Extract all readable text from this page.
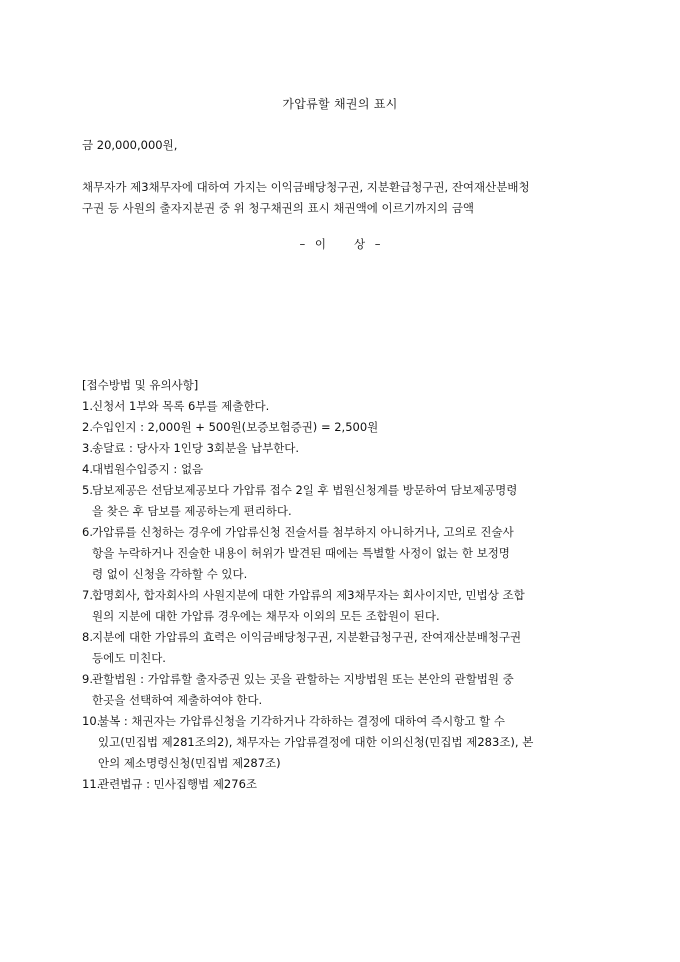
가압류할 채권의 표시
금 20,000,000원,
채무자가 제3채무자에 대하여 가지는 이익금배당청구권, 지분환급청구권, 잔여재산분배청
구권 등 사원의 출자지분권 중 위 청구채권의 표시 채권액에 이르기까지의 금액
– 이 상 –
[접수방법 및 유의사항]
1. 신청서 1부와 목록 6부를 제출한다.
2. 수입인지 : 2,000원 + 500원(보증보험증권) = 2,500원
3. 송달료 : 당사자 1인당 3회분을 납부한다.
4. 대법원수입증지 : 없음
5. 담보제공은 선담보제공보다 가압류 접수 2일 후 법원신청계를 방문하여 담보제공명령
을 찾은 후 담보를 제공하는게 편리하다.
6. 가압류를 신청하는 경우에 가압류신청 진술서를 첨부하지 아니하거나, 고의로 진술사
항을 누락하거나 진술한 내용이 허위가 발견된 때에는 특별할 사정이 없는 한 보정명
령 없이 신청을 각하할 수 있다.
7. 합명회사, 합자회사의 사원지분에 대한 가압류의 제3채무자는 회사이지만, 민법상 조합
원의 지분에 대한 가압류 경우에는 채무자 이외의 모든 조합원이 된다.
8. 지분에 대한 가압류의 효력은 이익금배당청구권, 지분환급청구권, 잔여재산분배청구권
등에도 미친다.
9. 관할법원 : 가압류할 출자증권 있는 곳을 관할하는 지방법원 또는 본안의 관할법원 중
한곳을 선택하여 제출하여야 한다.
10.
불복 : 채권자는 가압류신청을 기각하거나 각하하는 결정에 대하여 즉시항고 할 수
있고(민집법 제281조의2), 채무자는 가압류결정에 대한 이의신청(민집법 제283조), 본
안의 제소명령신청(민집법 제287조)
11.
관련법규 : 민사집행법 제276조
